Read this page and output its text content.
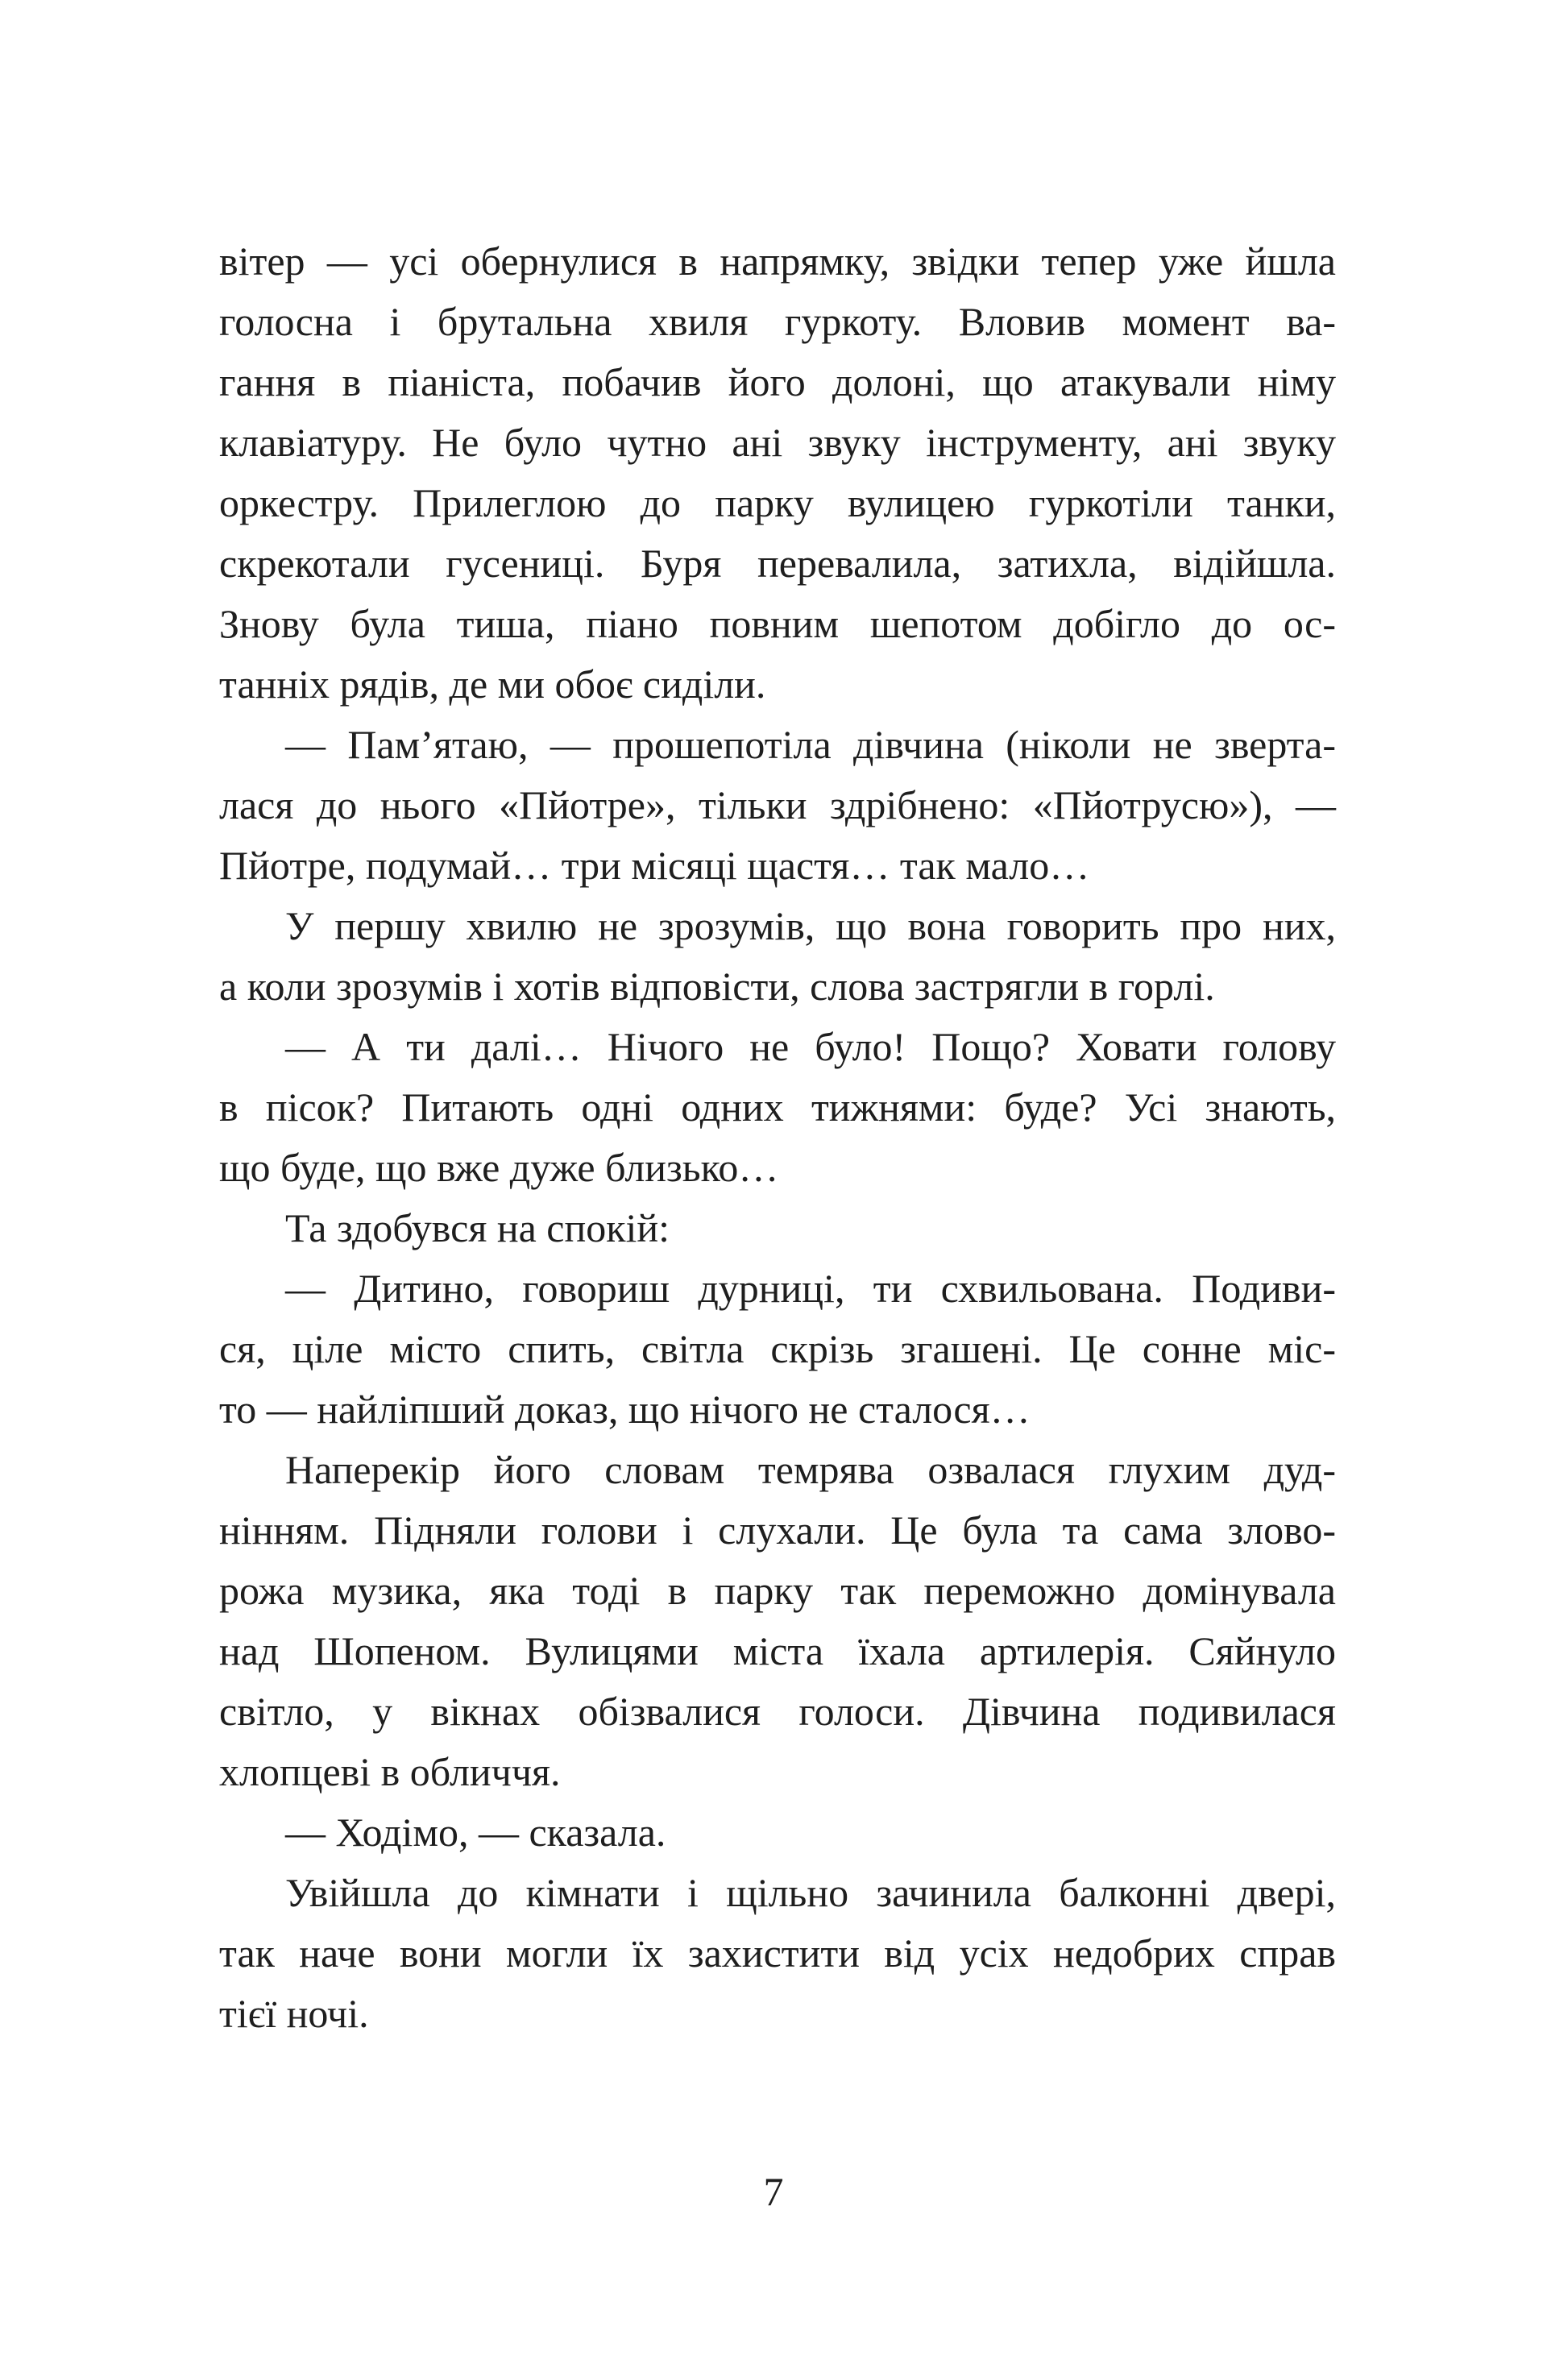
вітер — усі обернулися в напрямку, звідки тепер уже йшла
голосна і брутальна хвиля гуркоту. Вловив момент ва-
гання в піаніста, побачив його долоні, що атакували німу
клавіатуру. Не було чутно ані звуку інструменту, ані звуку
оркестру. Прилеглою до парку вулицею гуркотіли танки,
скрекотали гусениці. Буря перевалила, затихла, відійшла.
Знову була тиша, піано повним шепотом добігло до ос-
танніх рядів, де ми обоє сиділи.
— Пам’ятаю, — прошепотіла дівчина (ніколи не зверта-
лася до нього «Пйотре», тільки здрібнено: «Пйотрусю»), —
Пйотре, подумай… три місяці щастя… так мало…
У першу хвилю не зрозумів, що вона говорить про них,
а коли зрозумів і хотів відповісти, слова застрягли в горлі.
— А ти далі… Нічого не було! Пощо? Ховати голову
в пісок? Питають одні одних тижнями: буде? Усі знають,
що буде, що вже дуже близько…
Та здобувся на спокій:
— Дитино, говориш дурниці, ти схвильована. Подиви-
ся, ціле місто спить, світла скрізь згашені. Це сонне міс-
то — найліпший доказ, що нічого не сталося…
Наперекір його словам темрява озвалася глухим дуд-
нінням. Підняли голови і слухали. Це була та сама злово-
рожа музика, яка тоді в парку так переможно домінувала
над Шопеном. Вулицями міста їхала артилерія. Сяйнуло
світло, у вікнах обізвалися голоси. Дівчина подивилася
хлопцеві в обличчя.
— Ходімо, — сказала.
Увійшла до кімнати і щільно зачинила балконні двері,
так наче вони могли їх захистити від усіх недобрих справ
тієї ночі.
7
